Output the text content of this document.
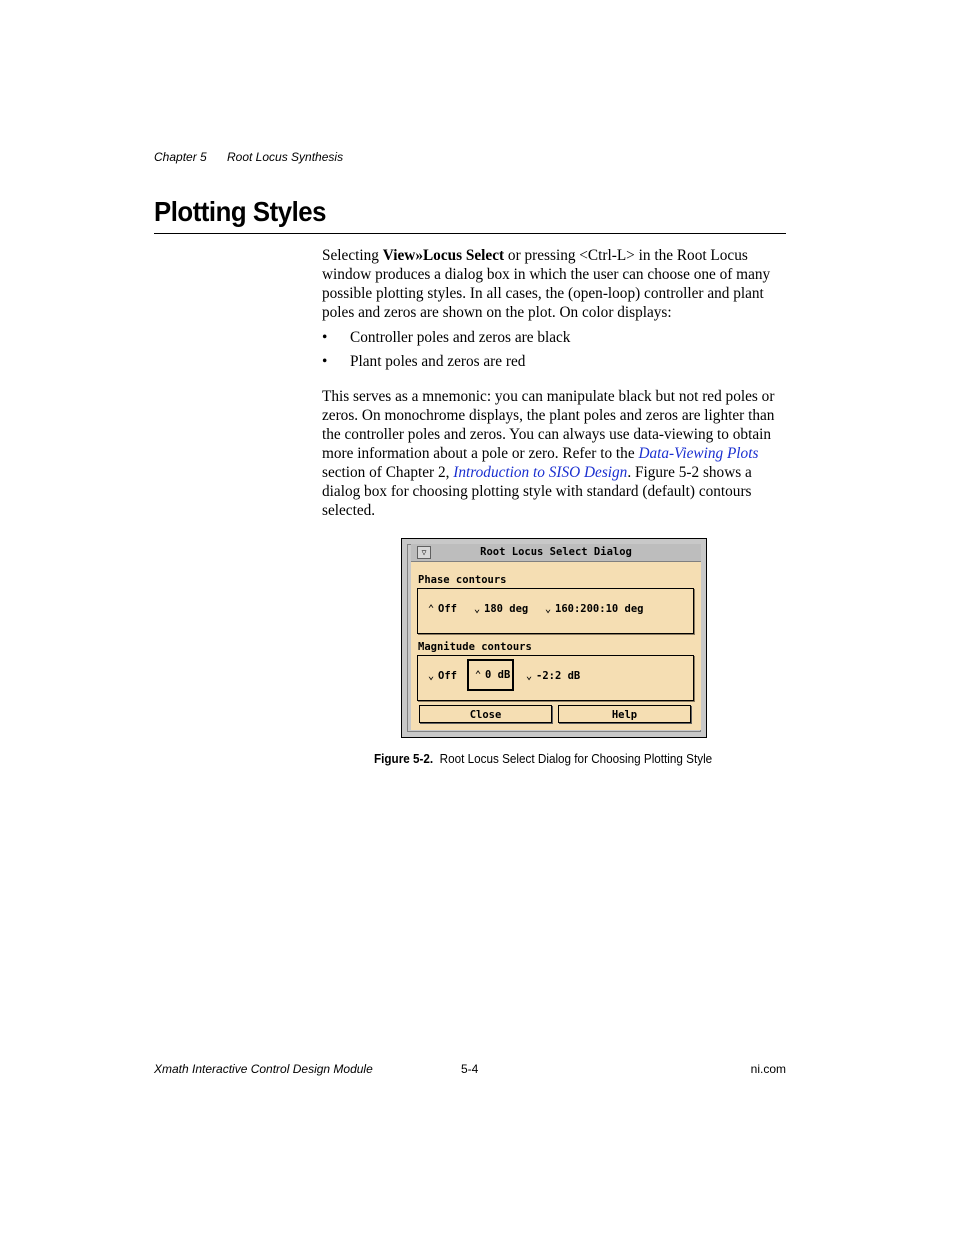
Chapter 5 Root Locus Synthesis
Plotting Styles
Selecting View»Locus Select or pressing <Ctrl-L> in the Root Locus window produces a dialog box in which the user can choose one of many possible plotting styles. In all cases, the (open-loop) controller and plant poles and zeros are shown on the plot. On color displays:
• Controller poles and zeros are black
• Plant poles and zeros are red
This serves as a mnemonic: you can manipulate black but not red poles or zeros. On monochrome displays, the plant poles and zeros are lighter than the controller poles and zeros. You can always use data-viewing to obtain more information about a pole or zero. Refer to the Data-Viewing Plots section of Chapter 2, Introduction to SISO Design. Figure 5-2 shows a dialog box for choosing plotting style with standard (default) contours selected.
▽	Root Locus Select Dialog
Phase contours
⌃ Off	⌄ 180 deg	⌄ 160:200:10 deg
Magnitude contours
⌄ Off	⌃ 0 dB	⌄ -2:2 dB
Close	Help
Figure 5-2. Root Locus Select Dialog for Choosing Plotting Style
Xmath Interactive Control Design Module	5-4	ni.com
